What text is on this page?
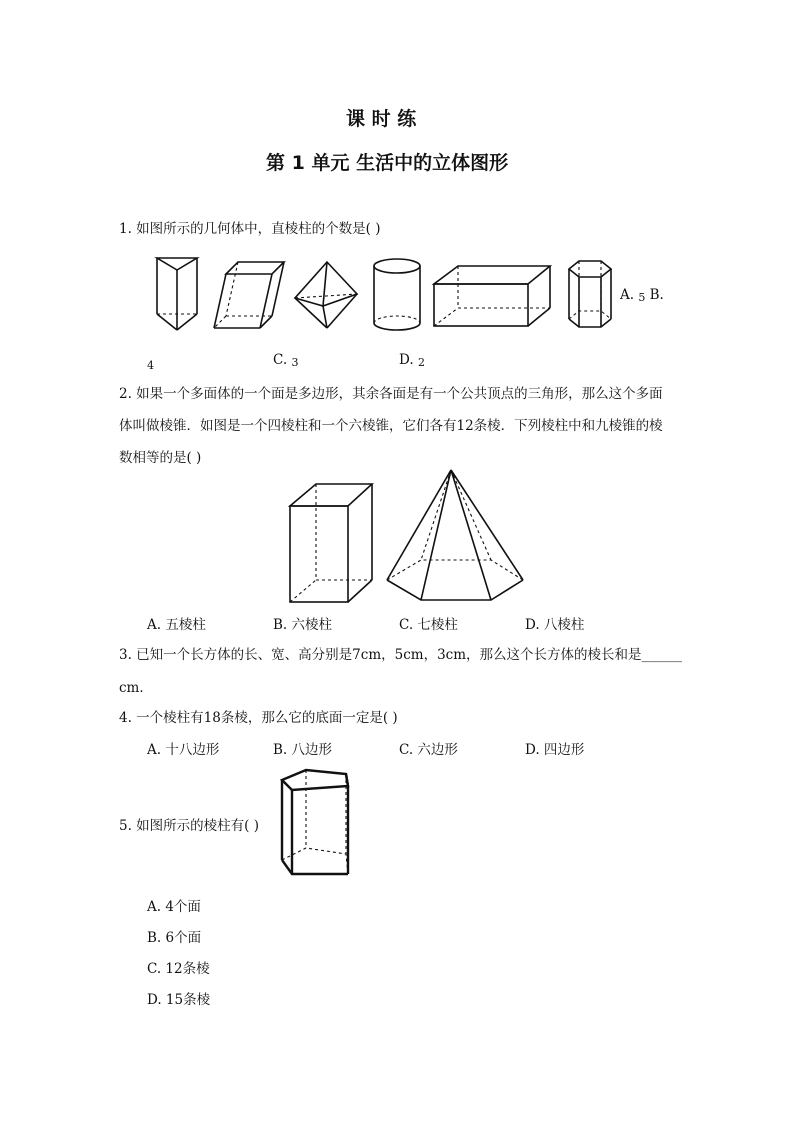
课 时 练
第 1 单元 生活中的立体图形
1. 如图所示的几何体中，直棱柱的个数是( )
A. 5 B.
4	C. 3	D. 2
2. 如果一个多面体的一个面是多边形，其余各面是有一个公共顶点的三角形，那么这个多面
体叫做棱锥．如图是一个四棱柱和一个六棱锥，它们各有12条棱．下列棱柱中和九棱锥的棱
数相等的是( )
A. 五棱柱	B. 六棱柱	C. 七棱柱	D. 八棱柱
3. 已知一个长方体的长、宽、高分别是7cm，5cm，3cm，那么这个长方体的棱长和是______
cm．
4. 一个棱柱有18条棱，那么它的底面一定是( )
A. 十八边形	B. 八边形	C. 六边形	D. 四边形
5. 如图所示的棱柱有( )
A. 4个面
B. 6个面
C. 12条棱
D. 15条棱
